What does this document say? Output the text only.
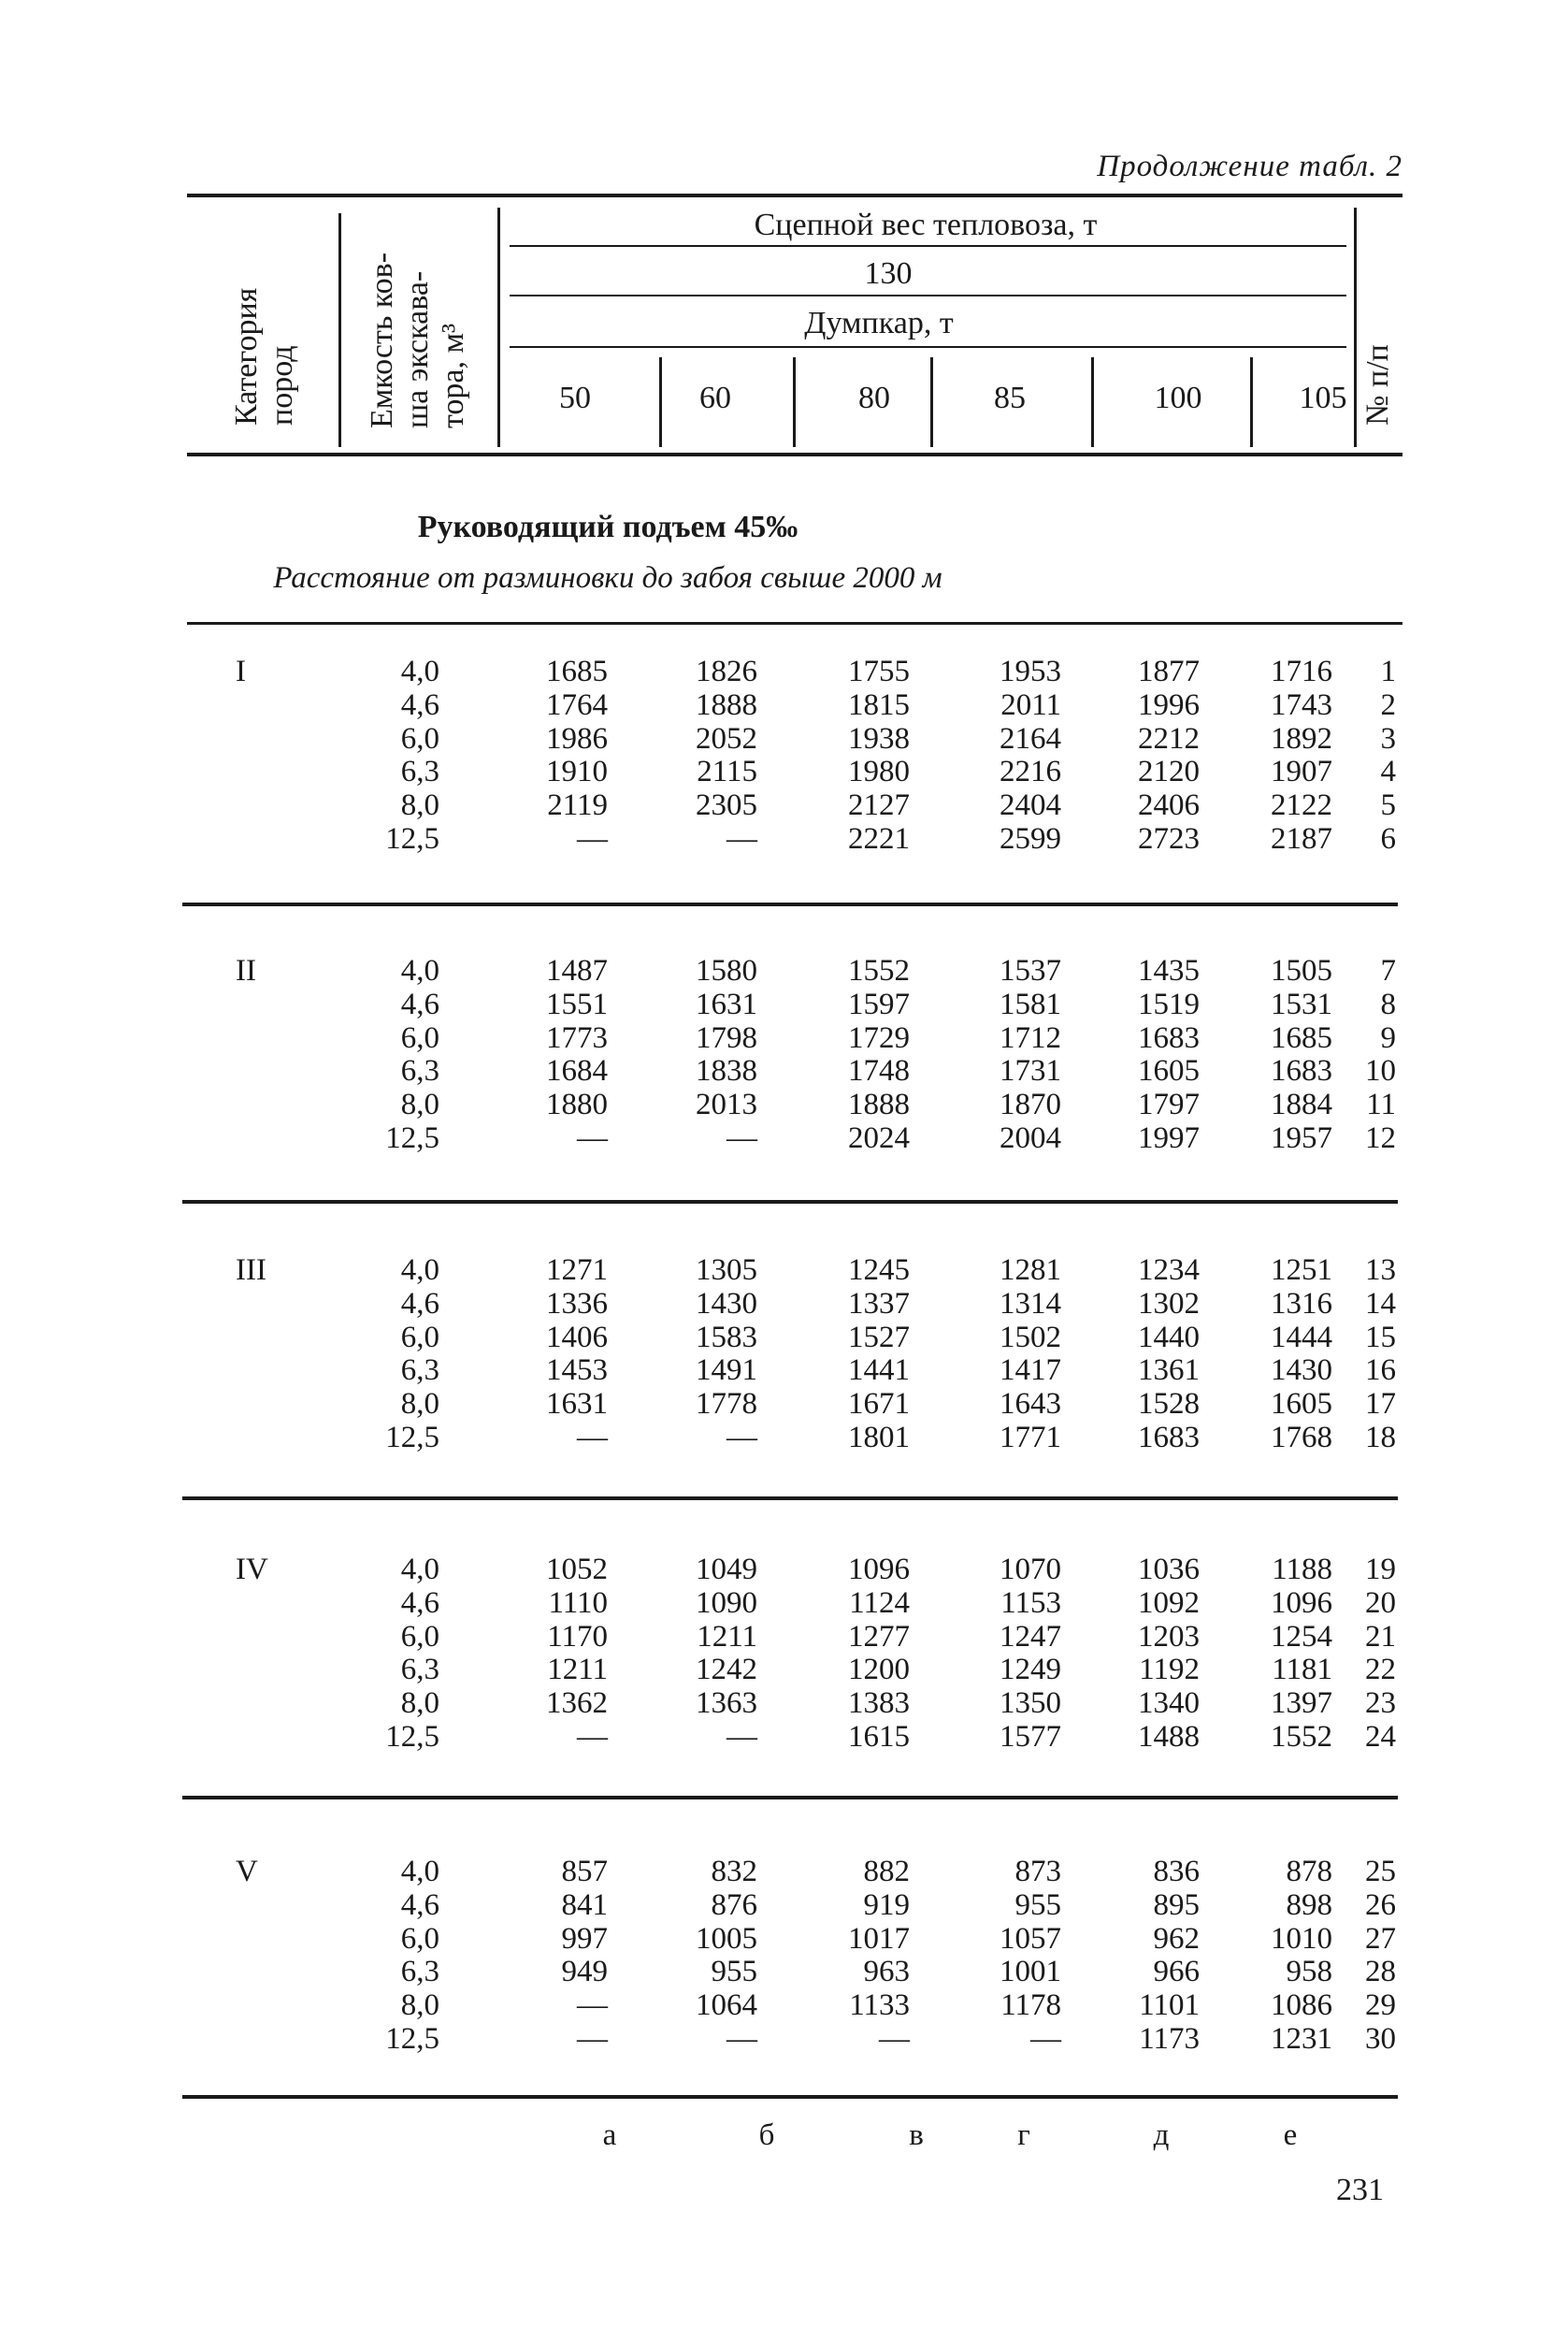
Продолжение табл. 2
Категория пород Емкость ков- ша экскава- тора, м³	№ п/п
Сцепной вес тепловоза, т
130
Думпкар, т
50	60	80	85	100	105
Руководящий подъем 45‰
Расстояние от разминовки до забоя свыше 2000 м
I	4,0	1685	1826	1755	1953	1877	1716	1
4,6	1764	1888	1815	2011	1996	1743	2
6,0	1986	2052	1938	2164	2212	1892	3
6,3	1910	2115	1980	2216	2120	1907	4
8,0	2119	2305	2127	2404	2406	2122	5
12,5	—	—	2221	2599	2723	2187	6
II	4,0	1487	1580	1552	1537	1435	1505	7
4,6	1551	1631	1597	1581	1519	1531	8
6,0	1773	1798	1729	1712	1683	1685	9
6,3	1684	1838	1748	1731	1605	1683	10
8,0	1880	2013	1888	1870	1797	1884	11
12,5	—	—	2024	2004	1997	1957	12
III	4,0	1271	1305	1245	1281	1234	1251	13
4,6	1336	1430	1337	1314	1302	1316	14
6,0	1406	1583	1527	1502	1440	1444	15
6,3	1453	1491	1441	1417	1361	1430	16
8,0	1631	1778	1671	1643	1528	1605	17
12,5	—	—	1801	1771	1683	1768	18
IV	4,0	1052	1049	1096	1070	1036	1188	19
4,6	1110	1090	1124	1153	1092	1096	20
6,0	1170	1211	1277	1247	1203	1254	21
6,3	1211	1242	1200	1249	1192	1181	22
8,0	1362	1363	1383	1350	1340	1397	23
12,5	—	—	1615	1577	1488	1552	24
V	4,0	857	832	882	873	836	878	25
4,6	841	876	919	955	895	898	26
6,0	997	1005	1017	1057	962	1010	27
6,3	949	955	963	1001	966	958	28
8,0	—	1064	1133	1178	1101	1086	29
12,5	—	—	—	—	1173	1231	30
а	б	в	г	д	е
231
